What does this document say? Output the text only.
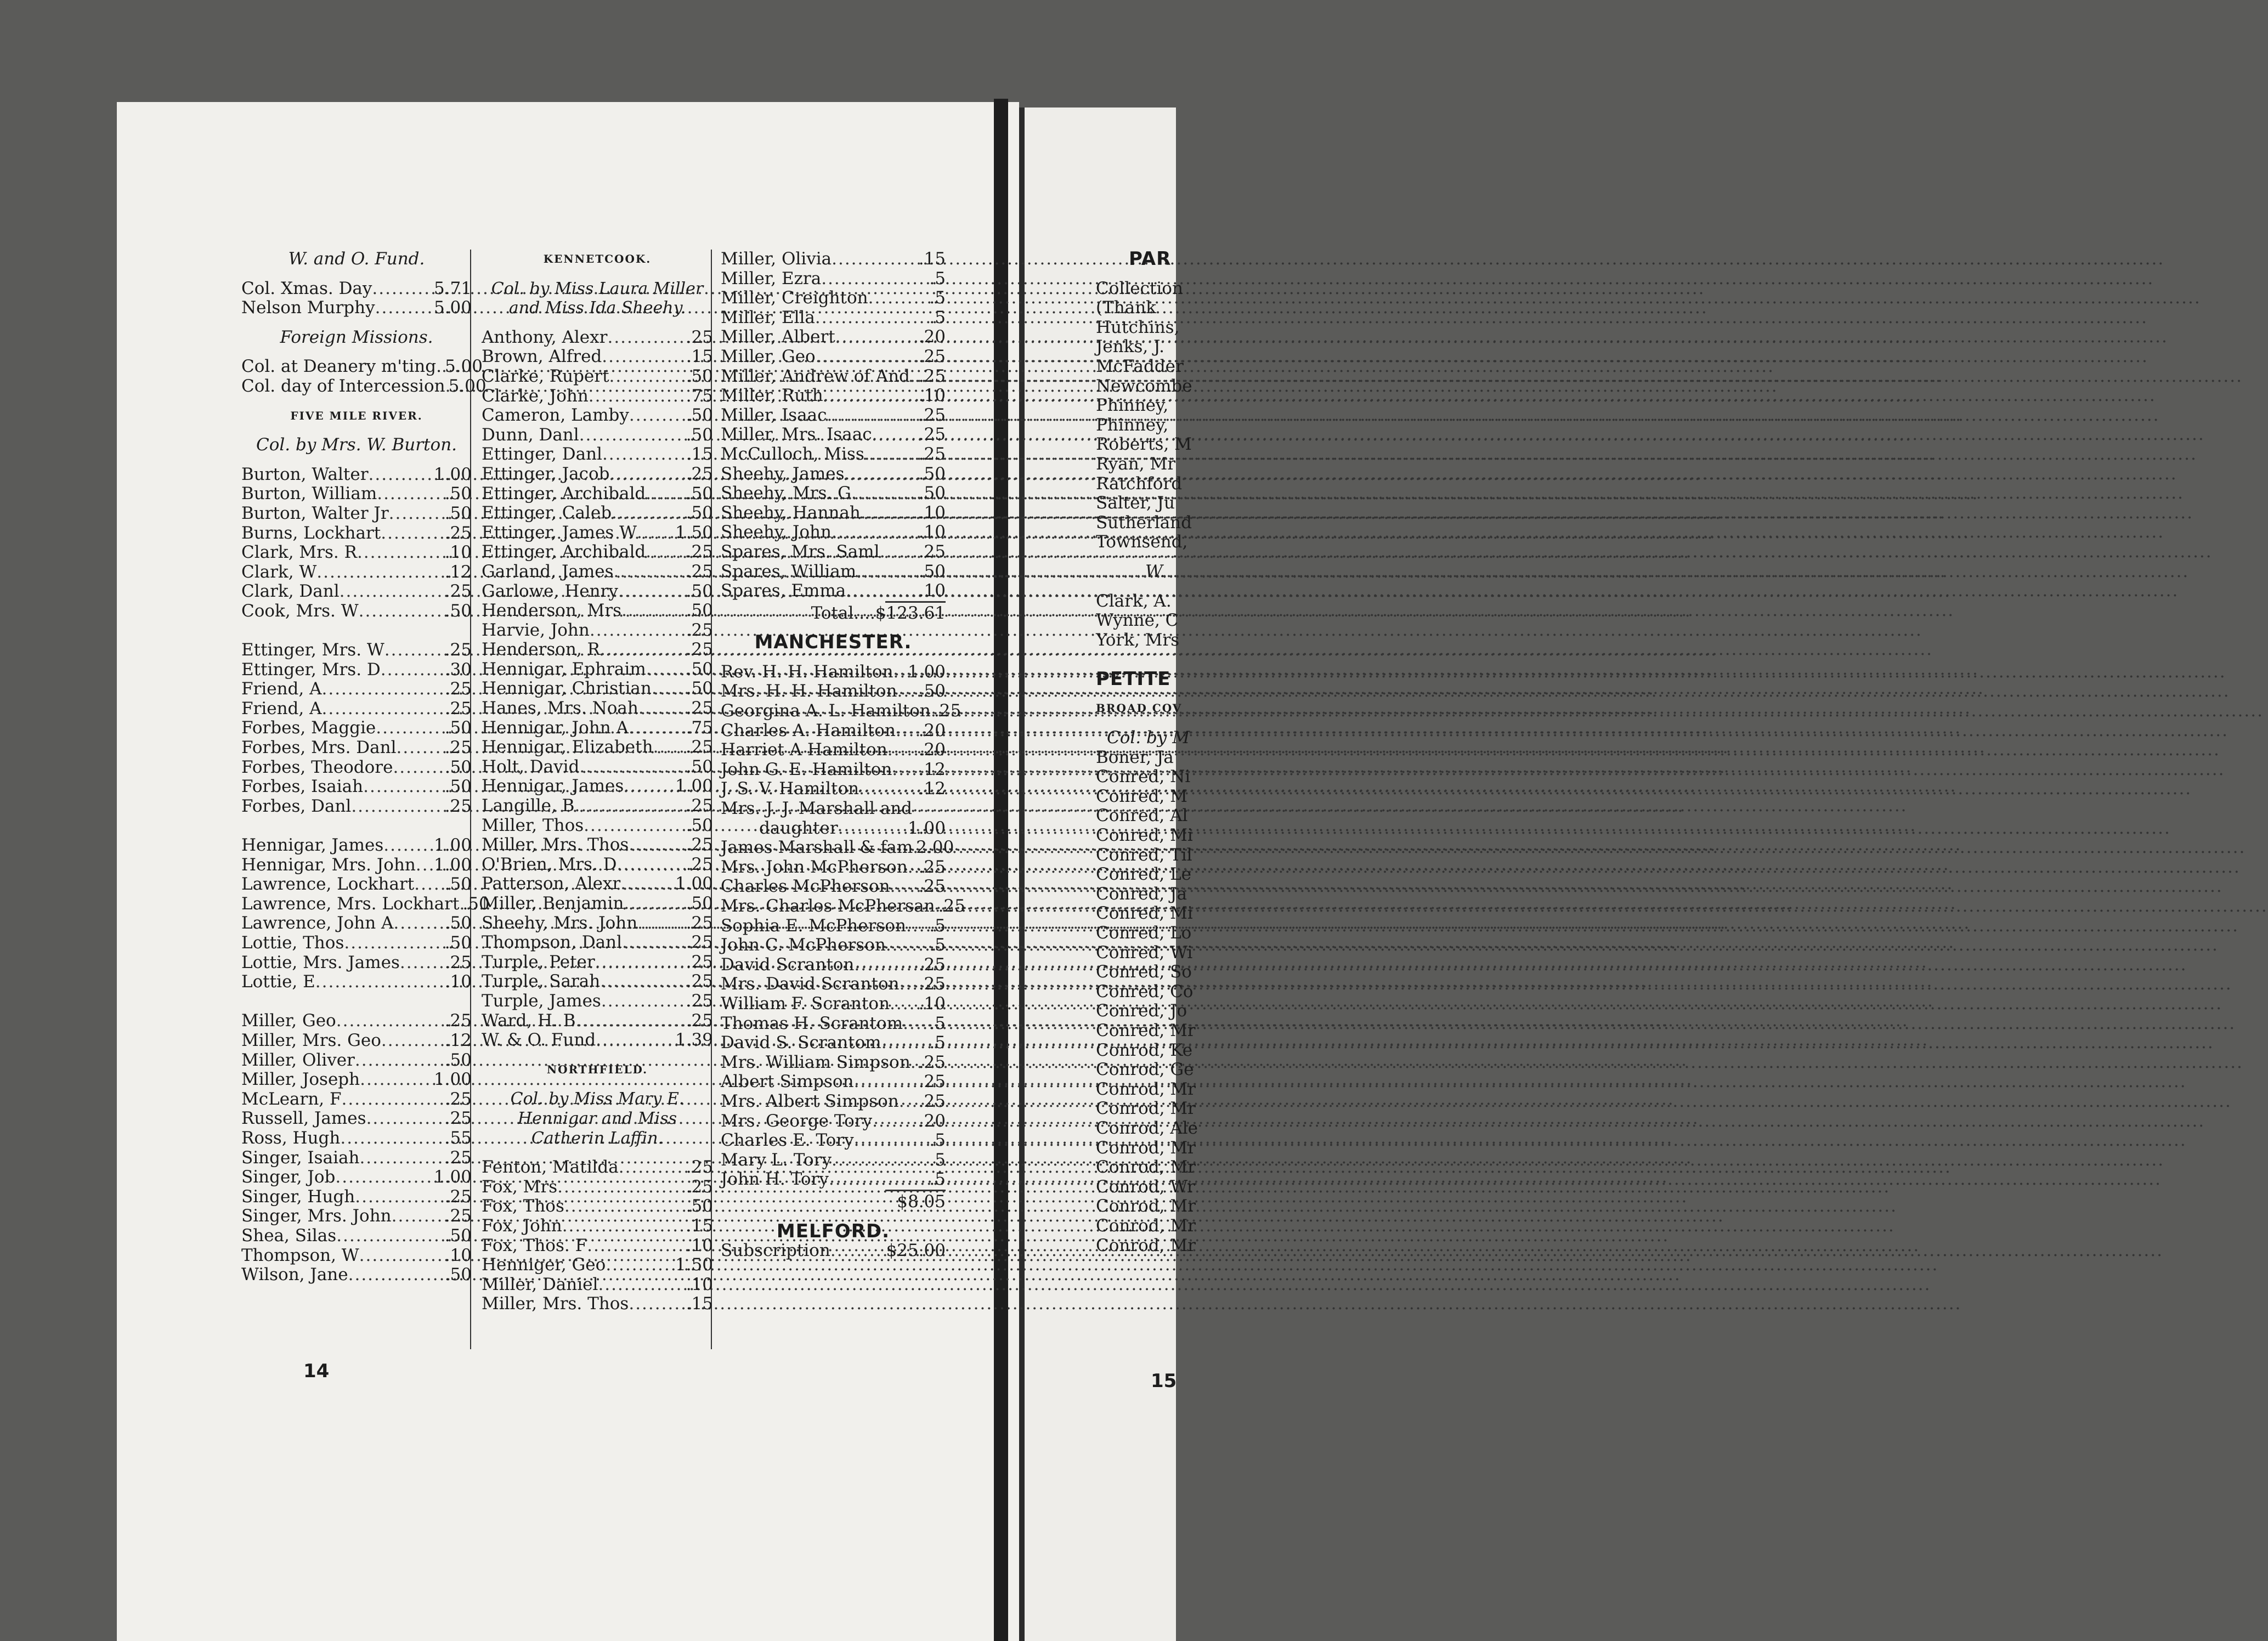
W. and O. Fund.
Col. Xmas. Day .....	5.71
Nelson Murphy .....	5.00
Foreign Missions.
Col. at Deanery m'ting. ..... 5.00
Col. day of Intercession ..... 5.00
FIVE MILE RIVER.
Col. by Mrs. W. Burton.
Burton, Walter .....	1.00
Burton, William .....	.50
Burton, Walter Jr .....	.50
Burns, Lockhart .....	.25
Clark, Mrs. R .....	.10
Clark, W .....	.12
Clark, Danl .....	.25
Cook, Mrs. W .....	.50
Ettinger, Mrs. W .....	.25
Ettinger, Mrs. D .....	.30
Friend, A .....	.25
Friend, A .....	.25
Forbes, Maggie .....	.50
Forbes, Mrs. Danl .....	.25
Forbes, Theodore .....	.50
Forbes, Isaiah .....	.50
Forbes, Danl .....	.25
Hennigar, James .....	1.00
Hennigar, Mrs. John ..... 1.00
Lawrence, Lockhart ..... .50
Lawrence, Mrs. Lockhart ..... .50
Lawrence, John A .....	.50
Lottie, Thos .....	.50
Lottie, Mrs. James .....	.25
Lottie, E .....	.10
Miller, Geo .....	.25
Miller, Mrs. Geo .....	.12
Miller, Oliver .....	.50
Miller, Joseph .....	1.00
McLearn, F .....	.25
Russell, James .....	.25
Ross, Hugh .....	.55
Singer, Isaiah .....	.25
Singer, Job .....	1.00
Singer, Hugh .....	.25
Singer, Mrs. John .....	.25
Shea, Silas .....	.50
Thompson, W .....	.10
Wilson, Jane .....	.50
KENNETCOOK.
Col. by Miss Laura Miller
and Miss Ida Sheehy.
Anthony, Alexr .....	.25
Brown, Alfred .....	.15
Clarke, Rupert .....	.50
Clarke, John .....	.75
Cameron, Lamby .....	.50
Dunn, Danl .....	.50
Ettinger, Danl .....	.15
Ettinger, Jacob .....	.25
Ettinger, Archibald ..... .50
Ettinger, Caleb .....	.50
Ettinger, James W ..... 1.50
Ettinger, Archibald ..... .25
Garland, James .....	.25
Garlowe, Henry .....	.50
Henderson, Mrs .....	.50
Harvie, John .....	.25
Henderson, R .....	.25
Hennigar, Ephraim ..... .50
Hennigar, Christian ..... .50
Hanes, Mrs. Noah .....	.25
Hennigar, John A .....	.75
Hennigar, Elizabeth ..... .25
Holt, David .....	.50
Hennigar, James .....	1.00
Langille, B .....	.25
Miller, Thos .....	.50
Miller, Mrs. Thos .....	.25
O'Brien, Mrs. D .....	.25
Patterson, Alexr .....	1.00
Miller, Benjamin .....	.50
Sheehy, Mrs. John .....	.25
Thompson, Danl .....	.25
Turple, Peter .....	.25
Turple, Sarah .....	.25
Turple, James .....	.25
Ward, H. B .....	.25
W. & O. Fund .....	1.39
NORTHFIELD.
Col. by Miss Mary E.
Hennigar and Miss
Catherin Laffin.
Fenton, Matilda .....	.25
Fox, Mrs .....	.25
Fox, Thos .....	.50
Fox, John .....	.15
Fox, Thos. F .....	.10
Henniger, Geo .....	1.50
Miller, Daniel .....	.10
Miller, Mrs. Thos .....	.15
Miller, Olivia .....	.15
Miller, Ezra .....	.5
Miller, Creighton .....	.5
Miller, Ella .....	.5
Miller, Albert .....	.20
Miller, Geo .....	.25
Miller, Andrew of And ..... .25
Miller, Ruth .....	.10
Miller, Isaac .....	.25
Miller, Mrs. Isaac .....	.25
McCulloch, Miss .....	.25
Sheehy, James .....	.50
Sheehy, Mrs. G .....	.50
Sheehy, Hannah .....	.10
Sheehy, John .....	.10
Spares, Mrs. Saml ..... .25
Spares, William .....	.50
Spares, Emma .....	.10
Total....$123.61
MANCHESTER.
Rev. H. H. Hamilton ..... 1.00
Mrs. H. H. Hamilton ..... .50
Georgina A. L. Hamilton ..... .25
Charles A. Hamilton ..... .20
Harriet A Hamilton ..... .20
John G. E. Hamilton ..... .12
J. S. V. Hamilton .....	.12
Mrs. J. J. Marshall and
daughter .....	1.00
James Marshall & fam ..... 2.00
Mrs. John McPherson ..... .25
Charles McPherson ..... .25
Mrs. Charles McPhersan ..... .25
Sophia E. McPherson ..... .5
John C. McPherson .....	.5
David Scranton .....	.25
Mrs. David Scranton ..... .25
William F. Scranton ..... .10
Thomas H. Scrantom ..... .5
David S. Scrantom .....	.5
Mrs. William Simpson ..... .25
Albert Simpson .....	.25
Mrs. Albert Simpson ..... .25
Mrs. George Tory .....	.20
Charles E. Tory .....	.5
Mary L. Tory .....	.5
John H. Tory .....	.5
$8.05
MELFORD.
Subscription .....	$25.00
PAR
Collection
(Thank
Hutchins,
Jenks, J.
McFadder
Newcombe
Phinney,
Phinney,
Roberts, M
Ryan, Mr
Ratchford
Salter, Ju
Sutherland
Townsend,
W.
Clark, A.
Wynne, C
York, Mrs
PETITE
BROAD COV
Col. by M
Boner, Ja
Conred, Ni
Conred, M
Conred, Al
Conred, Mi
Conred, Til
Conred, Le
Conred, Ja
Conred, Mi
Conred, Lo
Conred, Wi
Conred, So
Conred, Co
Conred, Jo
Conred, Mr
Conrod, Ke
Conrod, Ge
Conrod, Mr
Conrod, Mr
Conrod, Ale
Conrod, Mr
Conrod, Mr
Conrod, Wr
Conrod, Mr
Conrod, Mr
Conrod, Mr
14	15
